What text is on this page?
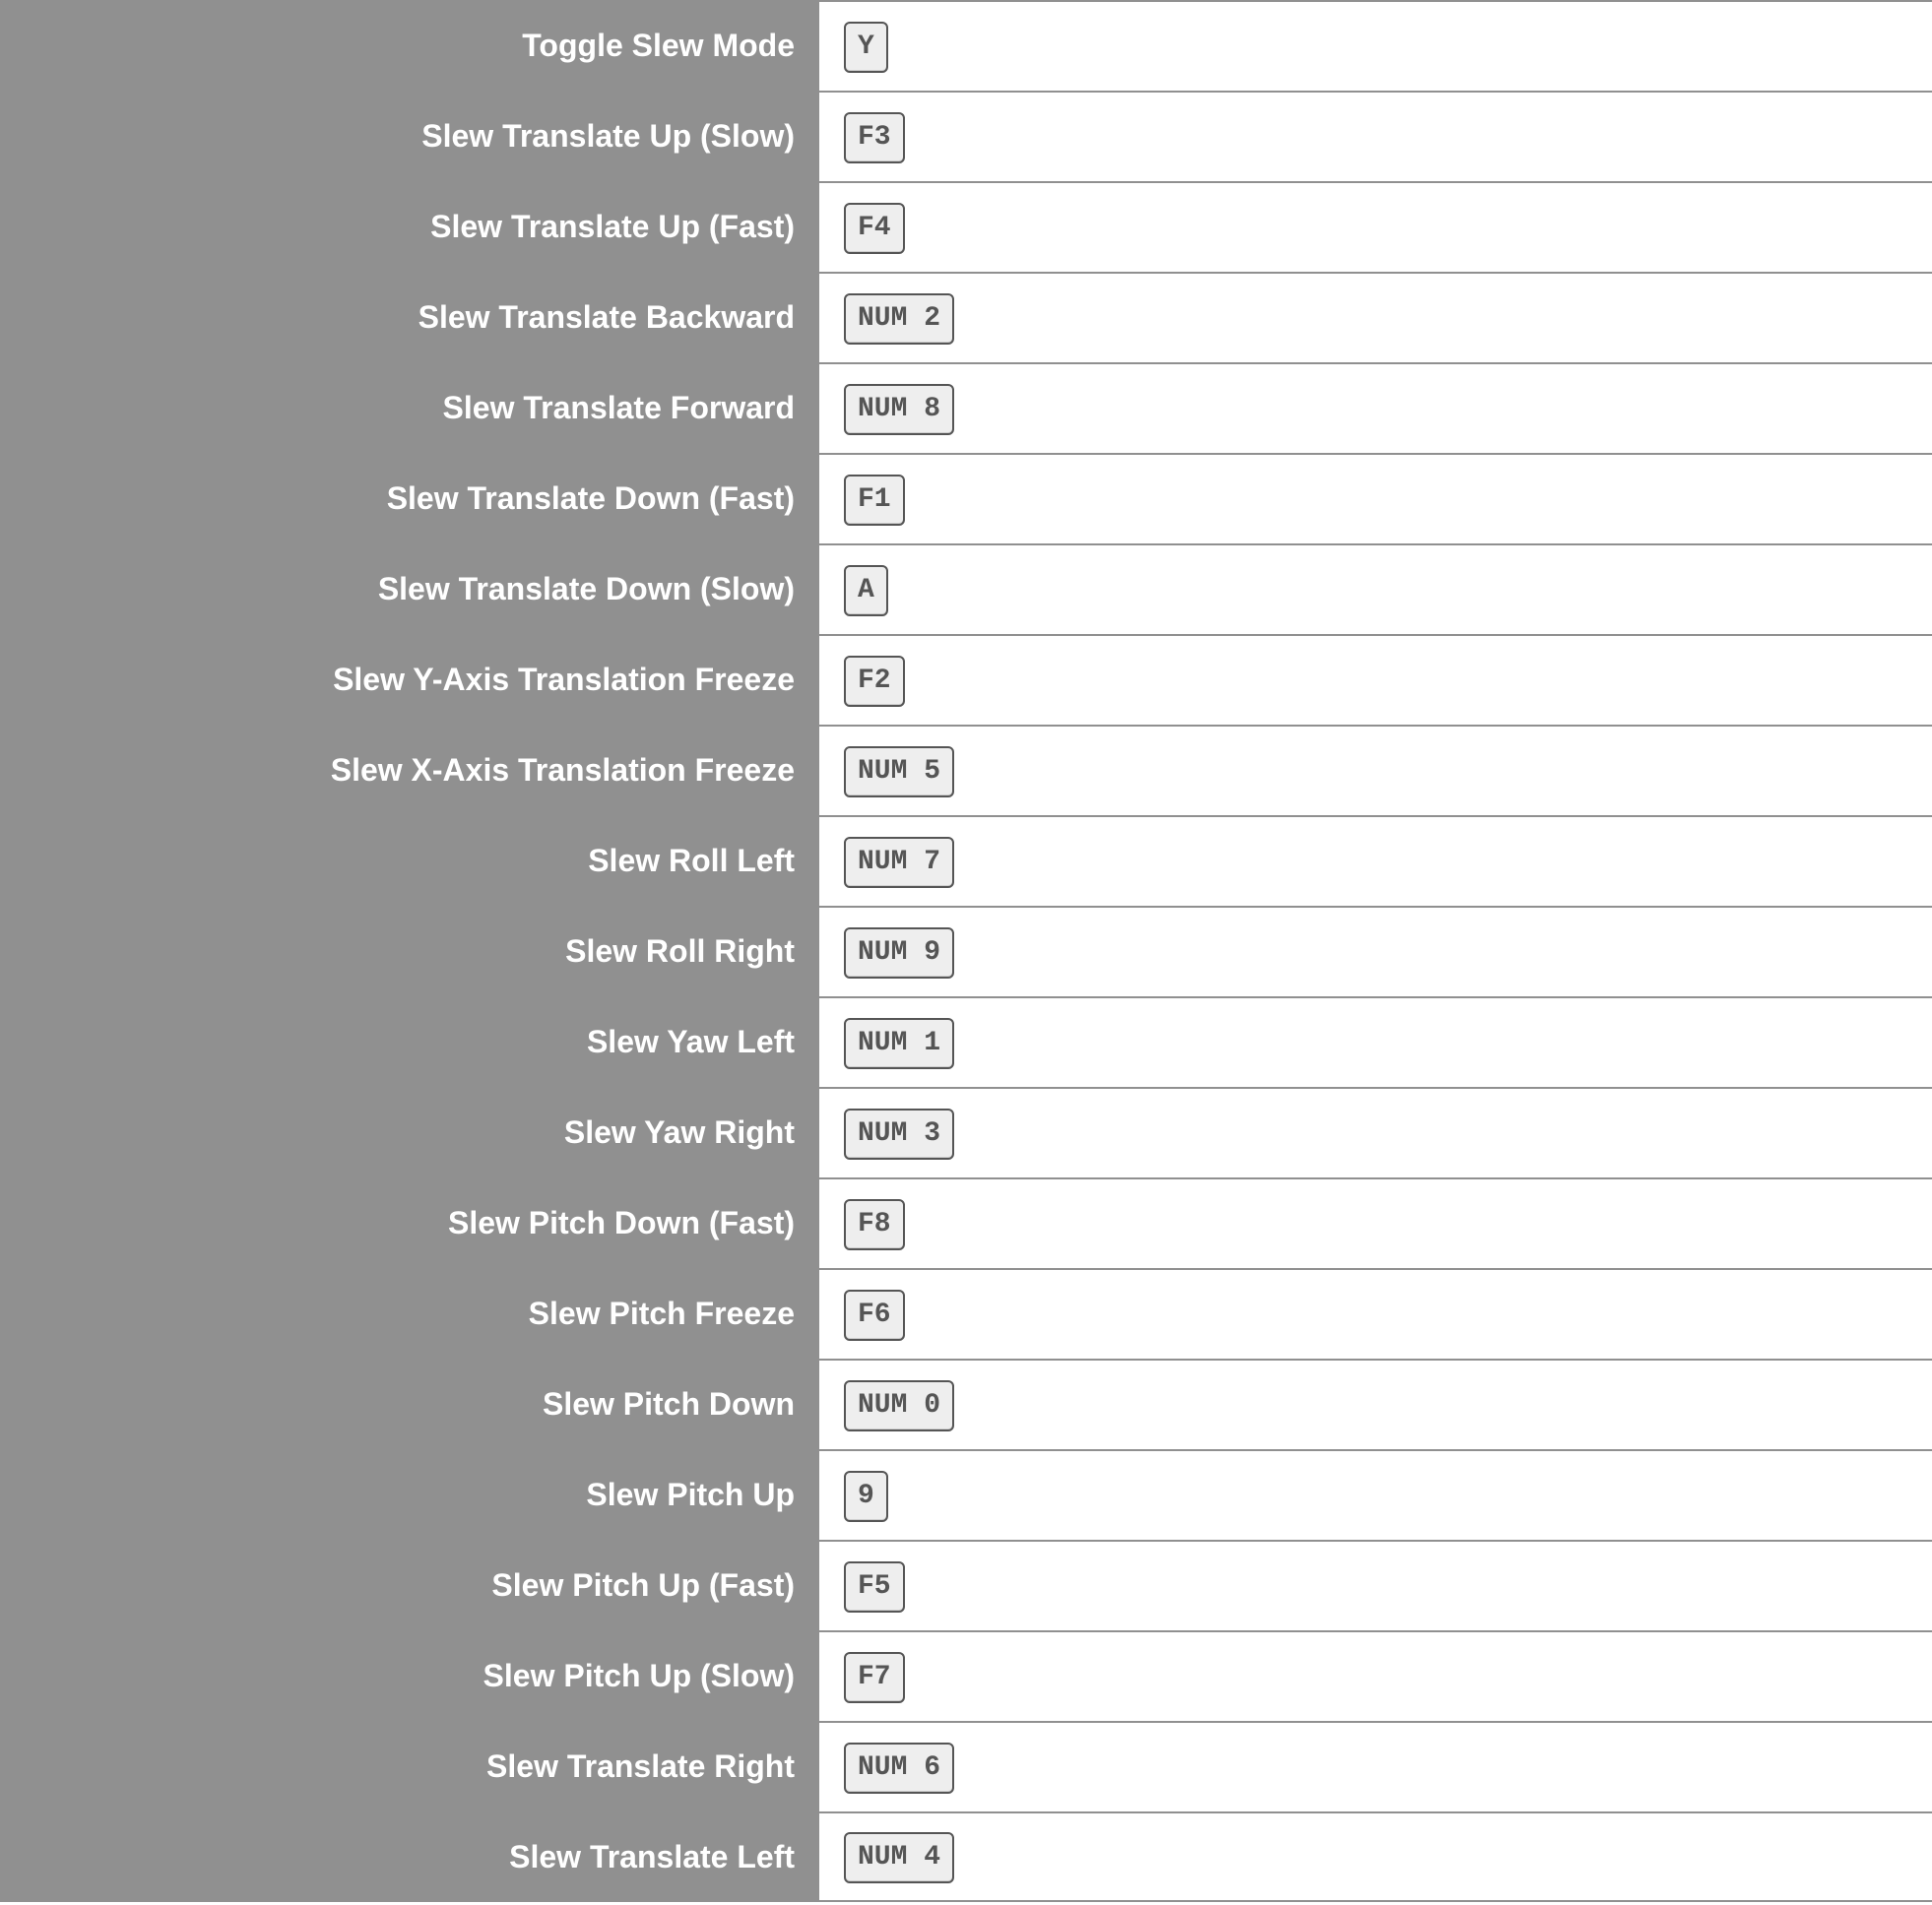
Toggle Slew Mode	Y
Slew Translate Up (Slow)	F3
Slew Translate Up (Fast)	F4
Slew Translate Backward	NUM 2
Slew Translate Forward	NUM 8
Slew Translate Down (Fast)	F1
Slew Translate Down (Slow)	A
Slew Y-Axis Translation Freeze	F2
Slew X-Axis Translation Freeze	NUM 5
Slew Roll Left	NUM 7
Slew Roll Right	NUM 9
Slew Yaw Left	NUM 1
Slew Yaw Right	NUM 3
Slew Pitch Down (Fast)	F8
Slew Pitch Freeze	F6
Slew Pitch Down	NUM 0
Slew Pitch Up	9
Slew Pitch Up (Fast)	F5
Slew Pitch Up (Slow)	F7
Slew Translate Right	NUM 6
Slew Translate Left	NUM 4
